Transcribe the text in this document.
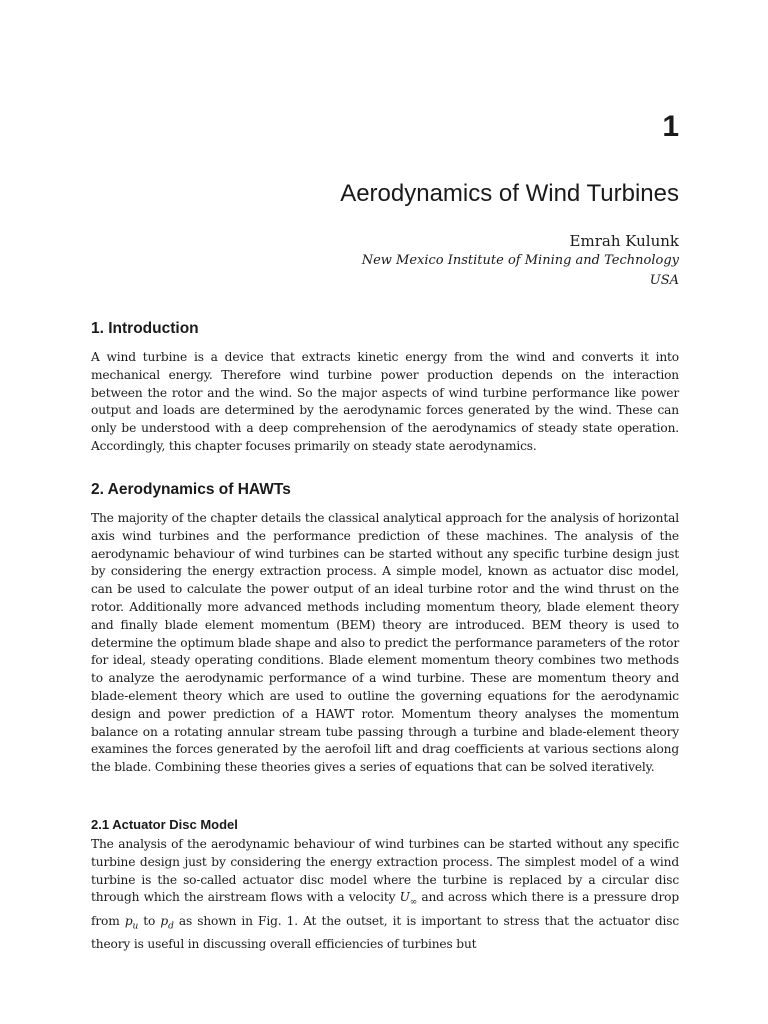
1
Aerodynamics of Wind Turbines
Emrah Kulunk
New Mexico Institute of Mining and Technology
USA
1. Introduction

A wind turbine is a device that extracts kinetic energy from the wind and converts it into mechanical energy. Therefore wind turbine power production depends on the interaction between the rotor and the wind. So the major aspects of wind turbine performance like power output and loads are determined by the aerodynamic forces generated by the wind. These can only be understood with a deep comprehension of the aerodynamics of steady state operation. Accordingly, this chapter focuses primarily on steady state aerodynamics.

2. Aerodynamics of HAWTs

The majority of the chapter details the classical analytical approach for the analysis of horizontal axis wind turbines and the performance prediction of these machines. The analysis of the aerodynamic behaviour of wind turbines can be started without any specific turbine design just by considering the energy extraction process. A simple model, known as actuator disc model, can be used to calculate the power output of an ideal turbine rotor and the wind thrust on the rotor. Additionally more advanced methods including momentum theory, blade element theory and finally blade element momentum (BEM) theory are introduced. BEM theory is used to determine the optimum blade shape and also to predict the performance parameters of the rotor for ideal, steady operating conditions. Blade element momentum theory combines two methods to analyze the aerodynamic performance of a wind turbine. These are momentum theory and blade-element theory which are used to outline the governing equations for the aerodynamic design and power prediction of a HAWT rotor. Momentum theory analyses the momentum balance on a rotating annular stream tube passing through a turbine and blade-element theory examines the forces generated by the aerofoil lift and drag coefficients at various sections along the blade. Combining these theories gives a series of equations that can be solved iteratively.

2.1 Actuator Disc Model

The analysis of the aerodynamic behaviour of wind turbines can be started without any specific turbine design just by considering the energy extraction process. The simplest model of a wind turbine is the so-called actuator disc model where the turbine is replaced by a circular disc through which the airstream flows with a velocity $U_\infty$ and across which there is a pressure drop from $p_u$ to $p_d$ as shown in Fig. 1. At the outset, it is important to stress that the actuator disc theory is useful in discussing overall efficiencies of turbines but
